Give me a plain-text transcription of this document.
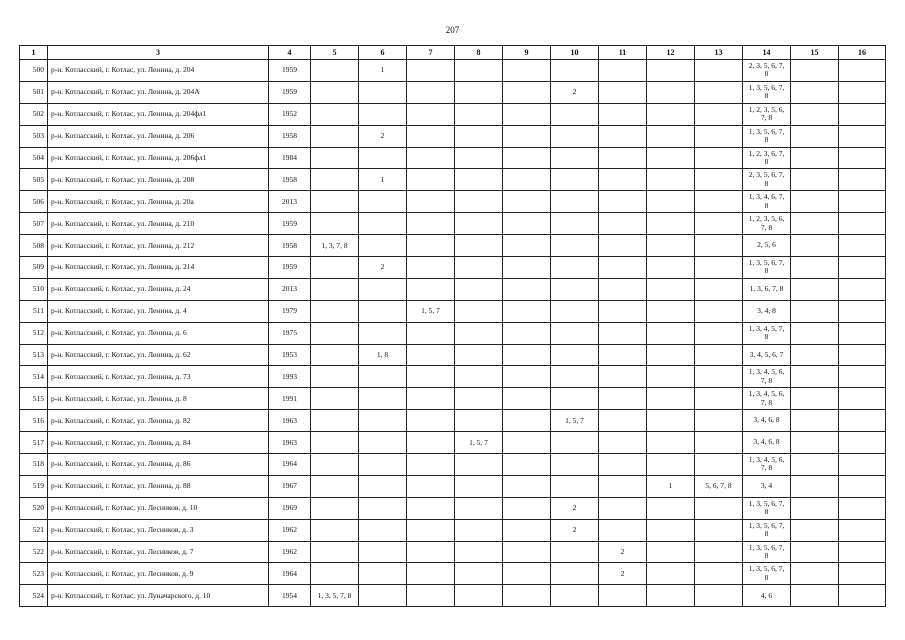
207
1	3	4	5	6	7	8	9	10	11	12	13	14	15	16
500	р-н. Котласский, г. Котлас, ул. Ленина, д. 204	1959		1								2, 3, 5, 6, 7, 8		
501	р-н. Котласский, г. Котлас, ул. Ленина, д. 204А	1959						2				1, 3, 5, 6, 7, 8		
502	р-н. Котласский, г. Котлас, ул. Ленина, д. 204фл1	1952										1, 2, 3, 5, 6, 7, 8		
503	р-н. Котласский, г. Котлас, ул. Ленина, д. 206	1958		2								1, 3, 5, 6, 7, 8		
504	р-н. Котласский, г. Котлас, ул. Ленина, д. 206фл1	1984										1, 2, 3, 6, 7, 8		
505	р-н. Котласский, г. Котлас, ул. Ленина, д. 208	1958		1								2, 3, 5, 6, 7, 8		
506	р-н. Котласский, г. Котлас, ул. Ленина, д. 20а	2013										1, 3, 4, 6, 7, 8		
507	р-н. Котласский, г. Котлас, ул. Ленина, д. 210	1959										1, 2, 3, 5, 6, 7, 8		
508	р-н. Котласский, г. Котлас, ул. Ленина, д. 212	1958	1, 3, 7, 8									2, 5, 6		
509	р-н. Котласский, г. Котлас, ул. Ленина, д. 214	1959		2								1, 3, 5, 6, 7, 8		
510	р-н. Котласский, г. Котлас, ул. Ленина, д. 24	2013										1, 3, 6, 7, 8		
511	р-н. Котласский, г. Котлас, ул. Ленина, д. 4	1979			1, 5, 7							3, 4, 8		
512	р-н. Котласский, г. Котлас, ул. Ленина, д. 6	1975										1, 3, 4, 5, 7, 8		
513	р-н. Котласский, г. Котлас, ул. Ленина, д. 62	1953		1, 8								3, 4, 5, 6, 7		
514	р-н. Котласский, г. Котлас, ул. Ленина, д. 73	1993										1, 3, 4, 5, 6, 7, 8		
515	р-н. Котласский, г. Котлас, ул. Ленина, д. 8	1991										1, 3, 4, 5, 6, 7, 8		
516	р-н. Котласский, г. Котлас, ул. Ленина, д. 82	1963						1, 5, 7				3, 4, 6, 8		
517	р-н. Котласский, г. Котлас, ул. Ленина, д. 84	1963				1, 5, 7						3, 4, 6, 8		
518	р-н. Котласский, г. Котлас, ул. Ленина, д. 86	1964										1, 3, 4, 5, 6, 7, 8		
519	р-н. Котласский, г. Котлас, ул. Ленина, д. 88	1967								1	5, 6, 7, 8	3, 4		
520	р-н. Котласский, г. Котлас, ул. Лесников, д. 10	1969						2				1, 3, 5, 6, 7, 8		
521	р-н. Котласский, г. Котлас, ул. Лесников, д. 3	1962						2				1, 3, 5, 6, 7, 8		
522	р-н. Котласский, г. Котлас, ул. Лесников, д. 7	1962							2			1, 3, 5, 6, 7, 8		
523	р-н. Котласский, г. Котлас, ул. Лесников, д. 9	1964							2			1, 3, 5, 6, 7, 8		
524	р-н. Котласский, г. Котлас, ул. Луначарского, д. 10	1954	1, 3, 5, 7, 8									4, 6		
